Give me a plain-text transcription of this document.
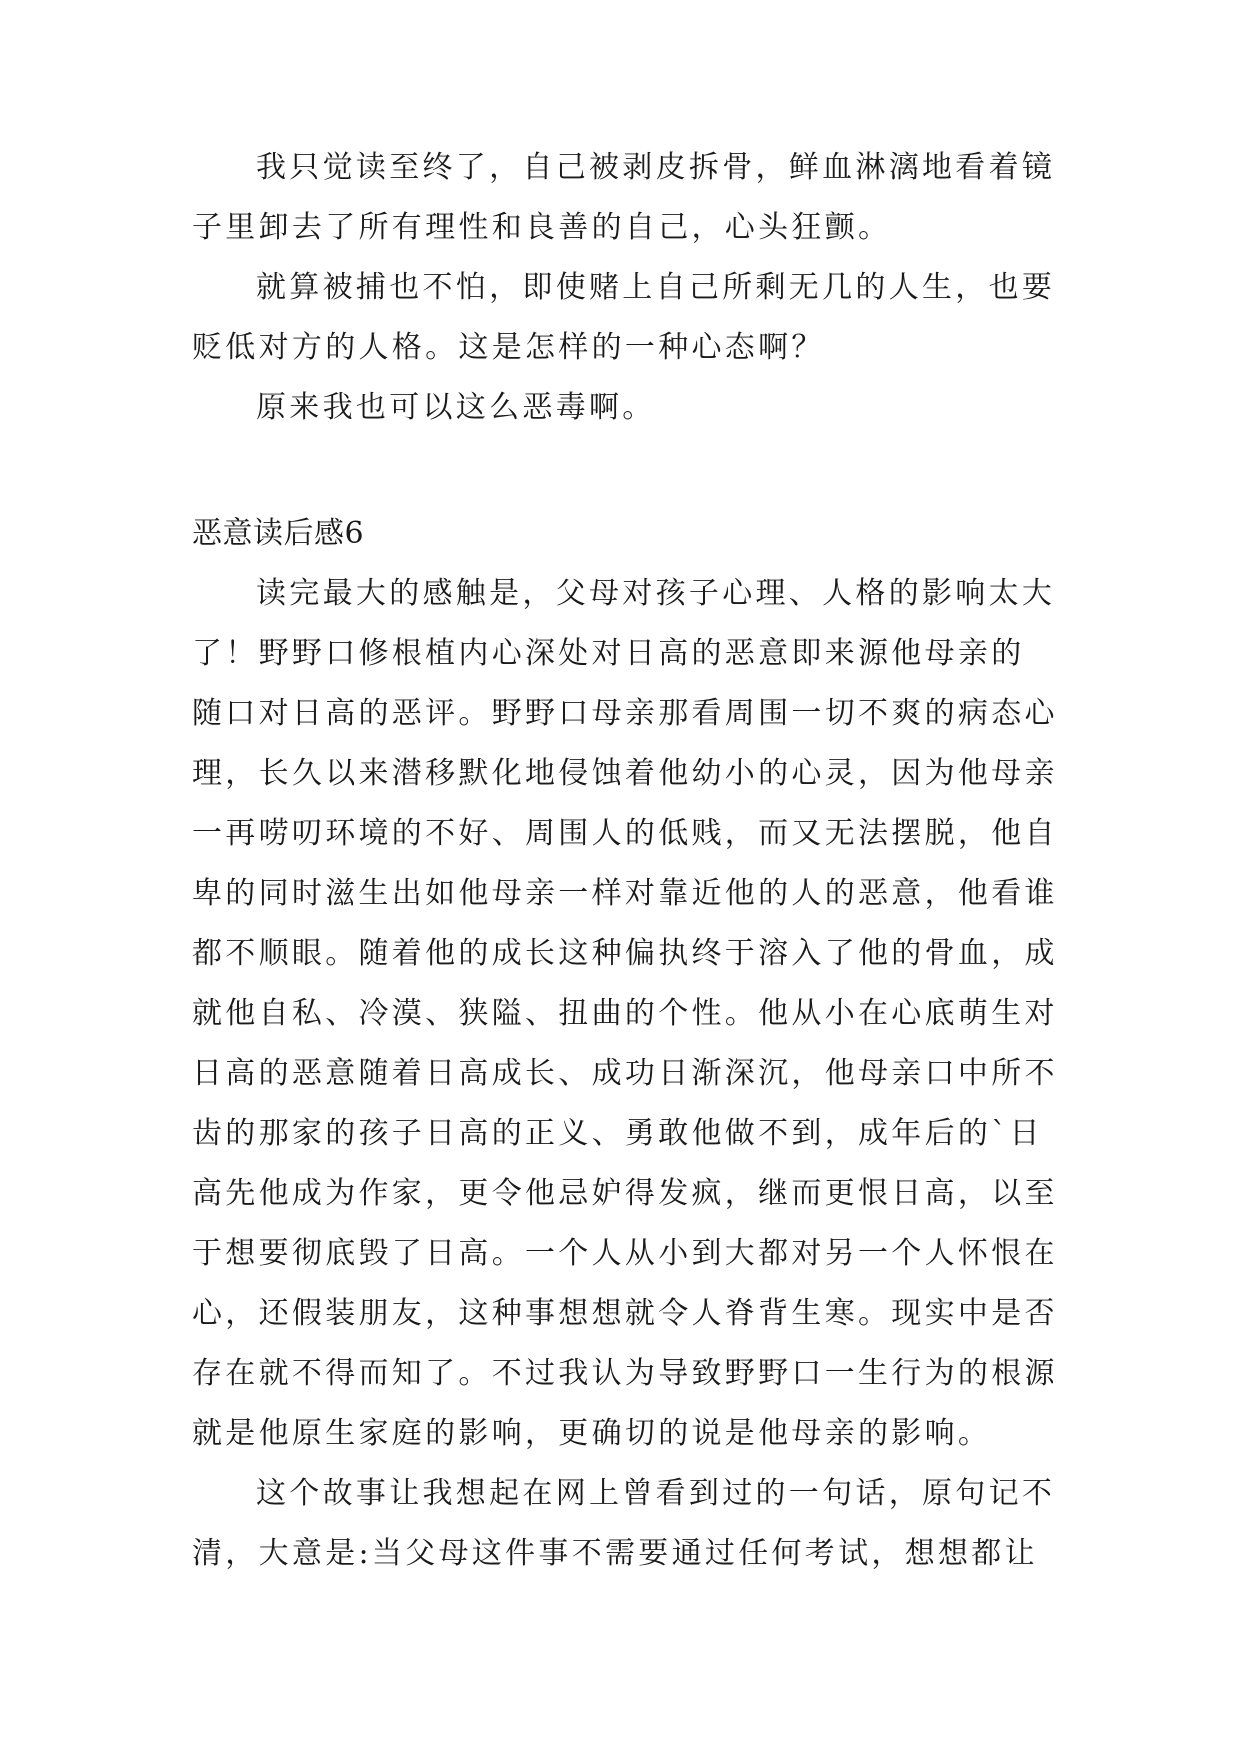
我只觉读至终了，自己被剥皮拆骨，鲜血淋漓地看着镜
子里卸去了所有理性和良善的自己，心头狂颤。
就算被捕也不怕，即使赌上自己所剩无几的人生，也要
贬低对方的人格。这是怎样的一种心态啊？
原来我也可以这么恶毒啊。
恶意读后感6
读完最大的感触是，父母对孩子心理、人格的影响太大
了！野野口修根植内心深处对日高的恶意即来源他母亲的
随口对日高的恶评。野野口母亲那看周围一切不爽的病态心
理，长久以来潜移默化地侵蚀着他幼小的心灵，因为他母亲
一再唠叨环境的不好、周围人的低贱，而又无法摆脱，他自
卑的同时滋生出如他母亲一样对靠近他的人的恶意，他看谁
都不顺眼。随着他的成长这种偏执终于溶入了他的骨血，成
就他自私、冷漠、狭隘、扭曲的个性。他从小在心底萌生对
日高的恶意随着日高成长、成功日渐深沉，他母亲口中所不
齿的那家的孩子日高的正义、勇敢他做不到，成年后的`日
高先他成为作家，更令他忌妒得发疯，继而更恨日高，以至
于想要彻底毁了日高。一个人从小到大都对另一个人怀恨在
心，还假装朋友，这种事想想就令人脊背生寒。现实中是否
存在就不得而知了。不过我认为导致野野口一生行为的根源
就是他原生家庭的影响，更确切的说是他母亲的影响。
这个故事让我想起在网上曾看到过的一句话，原句记不
清，大意是:当父母这件事不需要通过任何考试，想想都让
